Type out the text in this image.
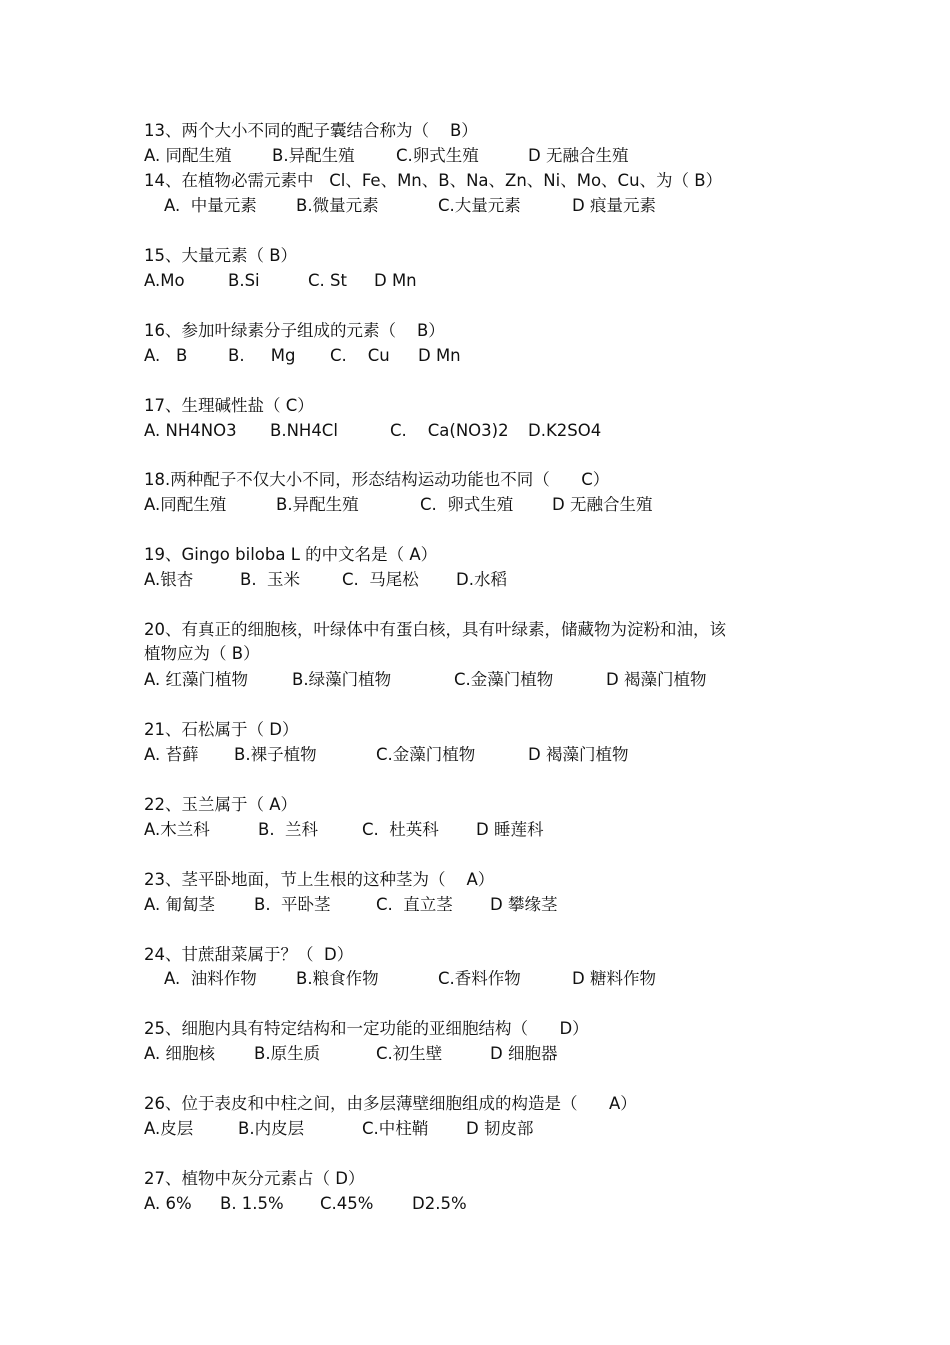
13、两个大小不同的配子囊结合称为（    B）

A. 同配生殖

B.异配生殖

	C.卵式生殖

	D 无融合生殖

14、在植物必需元素中   Cl、Fe、Mn、B、Na、Zn、Ni、Mo、Cu、为（ B）

A.  中量元素

B.微量元素

	C.大量元素

	D 痕量元素

15、大量元素（ B）

A.Mo

	B.Si

	C. St

D Mn

16、参加叶绿素分子组成的元素（    B）

A.   B

B.     Mg

C.    Cu

D Mn

17、生理碱性盐（ C）

A. NH4NO3

B.NH4Cl

	C.    Ca(NO3)2

D.K2SO4

18.两种配子不仅大小不同，形态结构运动功能也不同（      C）

A.同配生殖

	B.异配生殖

	C.  卵式生殖

D 无融合生殖

19、Gingo biloba L 的中文名是（ A）

A.银杏

	B.  玉米

	C.  马尾松

D.水稻

20、有真正的细胞核，叶绿体中有蛋白核，具有叶绿素，储藏物为淀粉和油，该
植物应为（ B）

A. 红藻门植物

	B.绿藻门植物

	C.金藻门植物

	D 褐藻门植物

21、石松属于（ D）

A. 苔藓

B.裸子植物

	C.金藻门植物

	D 褐藻门植物

22、玉兰属于（ A）

A.木兰科

	B.  兰科

	C.  杜英科

D 睡莲科

23、茎平卧地面，节上生根的这种茎为（    A）

A. 匍匐茎

B.  平卧茎

	C.  直立茎

D 攀缘茎

24、甘蔗甜菜属于？（  D）

A.  油料作物

B.粮食作物

	C.香料作物

	D 糖料作物

25、细胞内具有特定结构和一定功能的亚细胞结构（      D）

A. 细胞核

B.原生质

	C.初生壁

	D 细胞器

26、位于表皮和中柱之间，由多层薄壁细胞组成的构造是（      A）

A.皮层

	B.内皮层

	C.中柱鞘

D 韧皮部

27、植物中灰分元素占（ D）

A. 6%

B. 1.5%

C.45%

D2.5%
